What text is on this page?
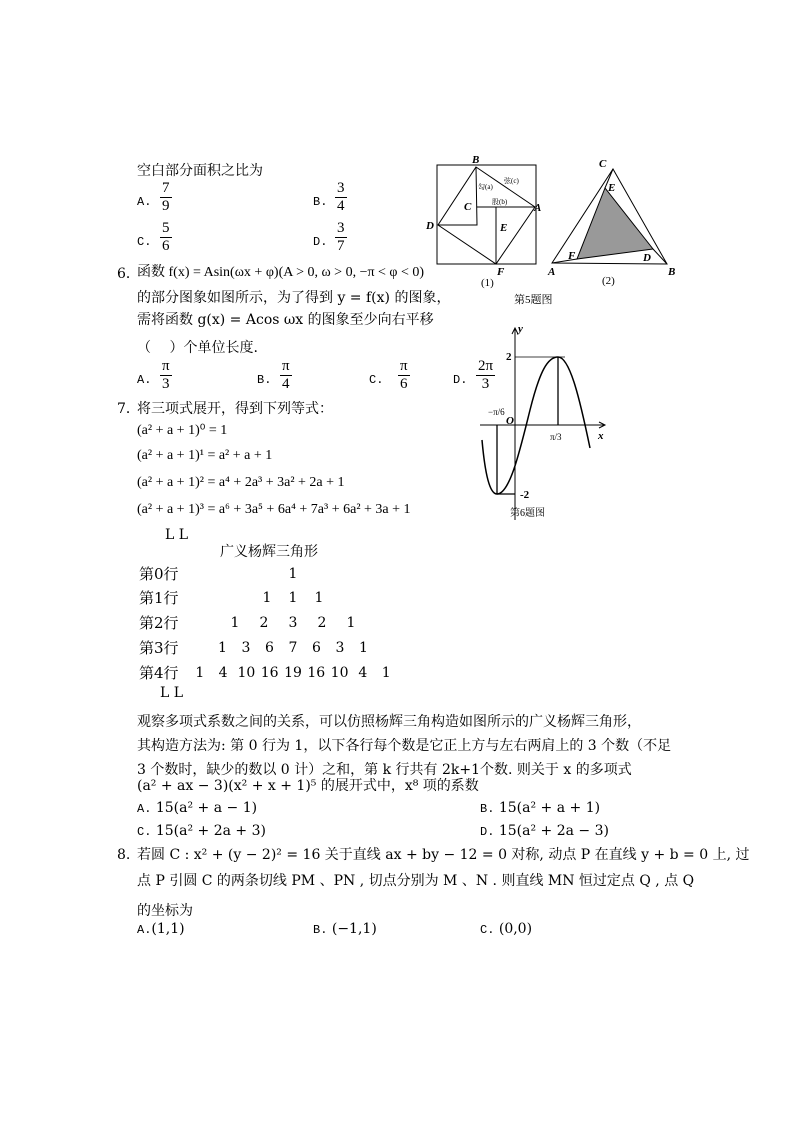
空白部分面积之比为
A. $\frac{7}{9}$	B. $\frac{3}{4}$
C. $\frac{5}{6}$	D. $\frac{3}{7}$
A
B
C
D	E
F	A	B
C
D
E
F
勾(a)
股(b)
弦(c)
(1)	(2)
第5题图
6．
函数 f(x) = Asin(ωx + φ)(A > 0, ω > 0, −π < φ < 0)
的部分图象如图所示，为了得到 y = f(x) 的图象，
需将函数 g(x) = Acos ωx 的图象至少向右平移
（　 ）个单位长度.
A. $\frac{\pi}{3}$	B. $\frac{\pi}{4}$	C. $\frac{\pi}{6}$	D. $\frac{2\pi}{3}$
y
x
O
2
-2
−π/6
π/3
第6题图
7．
将三项式展开，得到下列等式：
(a² + a + 1)⁰ = 1
(a² + a + 1)¹ = a² + a + 1
(a² + a + 1)² = a⁴ + 2a³ + 3a² + 2a + 1
(a² + a + 1)³ = a⁶ + 3a⁵ + 6a⁴ + 7a³ + 6a² + 3a + 1
L L
广义杨辉三角形
L L
观察多项式系数之间的关系，可以仿照杨辉三角构造如图所示的广义杨辉三角形，
其构造方法为: 第 0 行为 1，以下各行每个数是它正上方与左右两肩上的 3 个数（不足
3 个数时，缺少的数以 0 计）之和，第 k 行共有 2k+1个数. 则关于 x 的多项式
(a² + ax − 3)(x² + x + 1)⁵ 的展开式中，x⁸ 项的系数
A. 15(a² + a − 1)	B. 15(a² + a + 1)
C. 15(a² + 2a + 3)	D. 15(a² + 2a − 3)
8. 若圆 C : x² + (y − 2)² = 16 关于直线 ax + by − 12 = 0 对称, 动点 P 在直线 y + b = 0 上, 过
点 P 引圆 C 的两条切线 PM 、PN , 切点分别为 M 、N . 则直线 MN 恒过定点 Q , 点 Q
的坐标为
A.(1,1)	B. (−1,1)	C. (0,0)
第0行	1
第1行	1	1	1
第2行	1	2	3	2	1
第3行	1	3	6	7	6	3	1
第4行	1	4 10 16 19 16 10 4	1
